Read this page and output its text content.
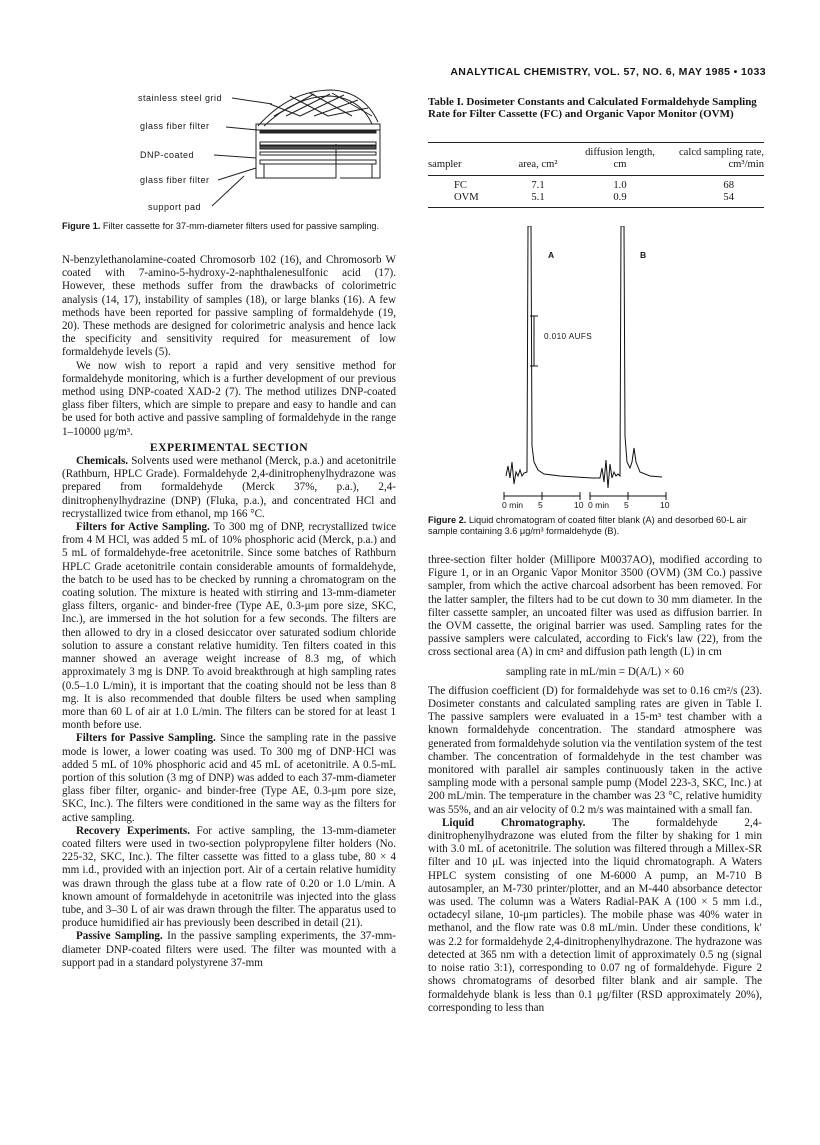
ANALYTICAL CHEMISTRY, VOL. 57, NO. 6, MAY 1985 • 1033
stainless steel grid
glass fiber filter
DNP-coated
glass fiber filter
support pad
Figure 1. Filter cassette for 37-mm-diameter filters used for passive sampling.
Table I. Dosimeter Constants and Calculated Formaldehyde Sampling Rate for Filter Cassette (FC) and Organic Vapor Monitor (OVM)
sampler	area, cm²	diffusion length, cm	calcd sampling rate, cm³/min
FC	7.1	1.0	68
OVM	5.1	0.9	54
A	B
0.010 AUFS
0 min 5	10 0 min 5	10
Figure 2. Liquid chromatogram of coated filter blank (A) and desorbed 60-L air sample containing 3.6 μg/m³ formaldehyde (B).

N-benzylethanolamine-coated Chromosorb 102 (16), and Chromosorb W coated with 7-amino-5-hydroxy-2-naphthalenesulfonic acid (17). However, these methods suffer from the drawbacks of colorimetric analysis (14, 17), instability of samples (18), or large blanks (16). A few methods have been reported for passive sampling of formaldehyde (19, 20). These methods are designed for colorimetric analysis and hence lack the specificity and sensitivity required for measurement of low formaldehyde levels (5).

We now wish to report a rapid and very sensitive method for formaldehyde monitoring, which is a further development of our previous method using DNP-coated XAD-2 (7). The method utilizes DNP-coated glass fiber filters, which are simple to prepare and easy to handle and can be used for both active and passive sampling of formaldehyde in the range 1–10000 μg/m³.

EXPERIMENTAL SECTION

Chemicals. Solvents used were methanol (Merck, p.a.) and acetonitrile (Rathburn, HPLC Grade). Formaldehyde 2,4-dinitrophenylhydrazone was prepared from formaldehyde (Merck 37%, p.a.), 2,4-dinitrophenylhydrazine (DNP) (Fluka, p.a.), and concentrated HCl and recrystallized twice from ethanol, mp 166 °C.

Filters for Active Sampling. To 300 mg of DNP, recrystallized twice from 4 M HCl, was added 5 mL of 10% phosphoric acid (Merck, p.a.) and 5 mL of formaldehyde-free acetonitrile. Since some batches of Rathburn HPLC Grade acetonitrile contain considerable amounts of formaldehyde, the batch to be used has to be checked by running a chromatogram on the coating solution. The mixture is heated with stirring and 13-mm-diameter glass filters, organic- and binder-free (Type AE, 0.3-μm pore size, SKC, Inc.), are immersed in the hot solution for a few seconds. The filters are then allowed to dry in a closed desiccator over saturated sodium chloride solution to assure a constant relative humidity. Ten filters coated in this manner showed an average weight increase of 8.3 mg, of which approximately 3 mg is DNP. To avoid breakthrough at high sampling rates (0.5–1.0 L/min), it is important that the coating should not be less than 8 mg. It is also recommended that double filters be used when sampling more than 60 L of air at 1.0 L/min. The filters can be stored for at least 1 month before use.

Filters for Passive Sampling. Since the sampling rate in the passive mode is lower, a lower coating was used. To 300 mg of DNP·HCl was added 5 mL of 10% phosphoric acid and 45 mL of acetonitrile. A 0.5-mL portion of this solution (3 mg of DNP) was added to each 37-mm-diameter glass fiber filter, organic- and binder-free (Type AE, 0.3-μm pore size, SKC, Inc.). The filters were conditioned in the same way as the filters for active sampling.

Recovery Experiments. For active sampling, the 13-mm-diameter coated filters were used in two-section polypropylene filter holders (No. 225-32, SKC, Inc.). The filter cassette was fitted to a glass tube, 80 × 4 mm i.d., provided with an injection port. Air of a certain relative humidity was drawn through the glass tube at a flow rate of 0.20 or 1.0 L/min. A known amount of formaldehyde in acetonitrile was injected into the glass tube, and 3–30 L of air was drawn through the filter. The apparatus used to produce humidified air has previously been described in detail (21).

Passive Sampling. In the passive sampling experiments, the 37-mm-diameter DNP-coated filters were used. The filter was mounted with a support pad in a standard polystyrene 37-mm

three-section filter holder (Millipore M0037AO), modified according to Figure 1, or in an Organic Vapor Monitor 3500 (OVM) (3M Co.) passive sampler, from which the active charcoal adsorbent has been removed. For the latter sampler, the filters had to be cut down to 30 mm diameter. In the filter cassette sampler, an uncoated filter was used as diffusion barrier. In the OVM cassette, the original barrier was used. Sampling rates for the passive samplers were calculated, according to Fick's law (22), from the cross sectional area (A) in cm² and diffusion path length (L) in cm

sampling rate in mL/min = D(A/L) × 60

The diffusion coefficient (D) for formaldehyde was set to 0.16 cm²/s (23). Dosimeter constants and calculated sampling rates are given in Table I. The passive samplers were evaluated in a 15-m³ test chamber with a known formaldehyde concentration. The standard atmosphere was generated from formaldehyde solution via the ventilation system of the test chamber. The concentration of formaldehyde in the test chamber was monitored with parallel air samples continuously taken in the active sampling mode with a personal sample pump (Model 223-3, SKC, Inc.) at 200 mL/min. The temperature in the chamber was 23 °C, relative humidity was 55%, and an air velocity of 0.2 m/s was maintained with a small fan.

Liquid Chromatography. The formaldehyde 2,4-dinitrophenylhydrazone was eluted from the filter by shaking for 1 min with 3.0 mL of acetonitrile. The solution was filtered through a Millex-SR filter and 10 μL was injected into the liquid chromatograph. A Waters HPLC system consisting of one M-6000 A pump, an M-710 B autosampler, an M-730 printer/plotter, and an M-440 absorbance detector was used. The column was a Waters Radial-PAK A (100 × 5 mm i.d., octadecyl silane, 10-μm particles). The mobile phase was 40% water in methanol, and the flow rate was 0.8 mL/min. Under these conditions, k′ was 2.2 for formaldehyde 2,4-dinitrophenylhydrazone. The hydrazone was detected at 365 nm with a detection limit of approximately 0.5 ng (signal to noise ratio 3:1), corresponding to 0.07 ng of formaldehyde. Figure 2 shows chromatograms of desorbed filter blank and air sample. The formaldehyde blank is less than 0.1 μg/filter (RSD approximately 20%), corresponding to less than
